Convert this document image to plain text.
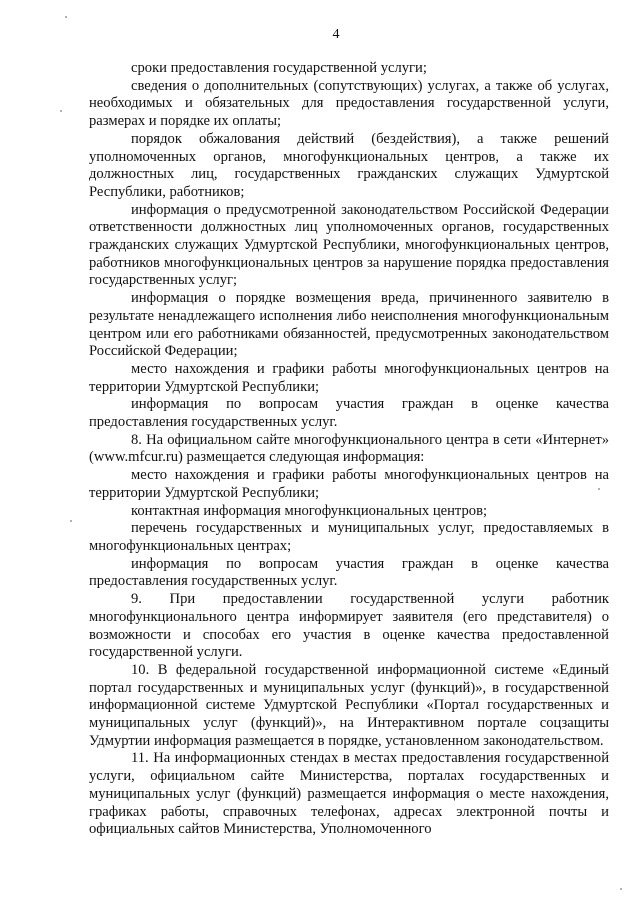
4

сроки предоставления государственной услуги;

сведения о дополнительных (сопутствующих) услугах, а также об услугах, необходимых и обязательных для предоставления государственной услуги, размерах и порядке их оплаты;

порядок обжалования действий (бездействия), а также решений уполномоченных органов, многофункциональных центров, а также их должностных лиц, государственных гражданских служащих Удмуртской Республики, работников;

информация о предусмотренной законодательством Российской Федерации ответственности должностных лиц уполномоченных органов, государственных гражданских служащих Удмуртской Республики, многофункциональных центров, работников многофункциональных центров за нарушение порядка предоставления государственных услуг;

информация о порядке возмещения вреда, причиненного заявителю в результате ненадлежащего исполнения либо неисполнения многофункциональным центром или его работниками обязанностей, предусмотренных законодательством Российской Федерации;

место нахождения и графики работы многофункциональных центров на территории Удмуртской Республики;

информация по вопросам участия граждан в оценке качества предоставления государственных услуг.

8. На официальном сайте многофункционального центра в сети «Интернет» (www.mfcur.ru) размещается следующая информация:

место нахождения и графики работы многофункциональных центров на территории Удмуртской Республики;

контактная информация многофункциональных центров;

перечень государственных и муниципальных услуг, предоставляемых в многофункциональных центрах;

информация по вопросам участия граждан в оценке качества предоставления государственных услуг.

9. При предоставлении государственной услуги работник многофункционального центра информирует заявителя (его представителя) о возможности и способах его участия в оценке качества предоставленной государственной услуги.

10. В федеральной государственной информационной системе «Единый портал государственных и муниципальных услуг (функций)», в государственной информационной системе Удмуртской Республики «Портал государственных и муниципальных услуг (функций)», на Интерактивном портале соцзащиты Удмуртии информация размещается в порядке, установленном законодательством.

11. На информационных стендах в местах предоставления государственной услуги, официальном сайте Министерства, порталах государственных и муниципальных услуг (функций) размещается информация о месте нахождения, графиках работы, справочных телефонах, адресах электронной почты и официальных сайтов Министерства, Уполномоченного
